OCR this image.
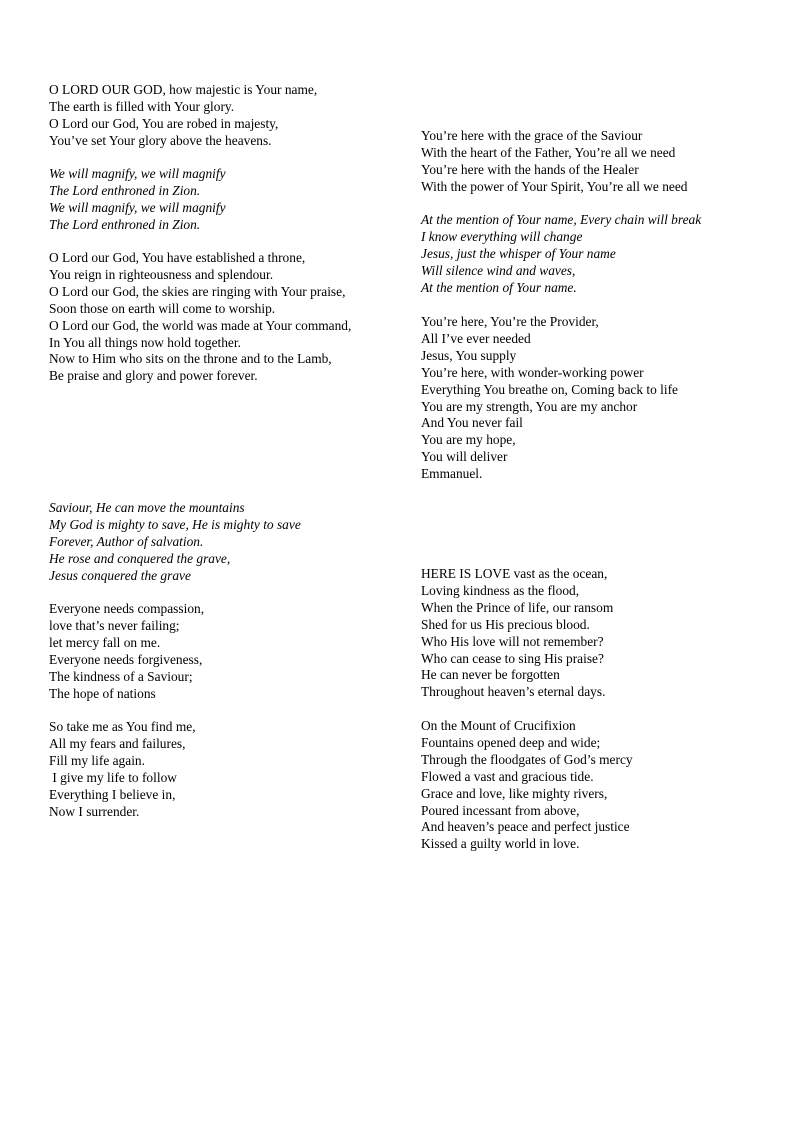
O LORD OUR GOD, how majestic is Your name,
The earth is filled with Your glory.
O Lord our God, You are robed in majesty,
You’ve set Your glory above the heavens.
We will magnify, we will magnify
The Lord enthroned in Zion.
We will magnify, we will magnify
The Lord enthroned in Zion.
O Lord our God, You have established a throne,
You reign in righteousness and splendour.
O Lord our God, the skies are ringing with Your praise,
Soon those on earth will come to worship.
O Lord our God, the world was made at Your command,
In You all things now hold together.
Now to Him who sits on the throne and to the Lamb,
Be praise and glory and power forever.
Saviour, He can move the mountains
My God is mighty to save, He is mighty to save
Forever, Author of salvation.
He rose and conquered the grave,
Jesus conquered the grave
Everyone needs compassion,
love that’s never failing;
let mercy fall on me.
Everyone needs forgiveness,
The kindness of a Saviour;
The hope of nations
So take me as You find me,
All my fears and failures,
Fill my life again.
I give my life to follow
Everything I believe in,
Now I surrender.
You’re here with the grace of the Saviour
With the heart of the Father, You’re all we need
You’re here with the hands of the Healer
With the power of Your Spirit, You’re all we need
At the mention of Your name, Every chain will break
I know everything will change
Jesus, just the whisper of Your name
Will silence wind and waves,
At the mention of Your name.
You’re here, You’re the Provider,
All I’ve ever needed
Jesus, You supply
You’re here, with wonder-working power
Everything You breathe on, Coming back to life
You are my strength, You are my anchor
And You never fail
You are my hope,
You will deliver
Emmanuel.
HERE IS LOVE vast as the ocean,
Loving kindness as the flood,
When the Prince of life, our ransom
Shed for us His precious blood.
Who His love will not remember?
Who can cease to sing His praise?
He can never be forgotten
Throughout heaven’s eternal days.
On the Mount of Crucifixion
Fountains opened deep and wide;
Through the floodgates of God’s mercy
Flowed a vast and gracious tide.
Grace and love, like mighty rivers,
Poured incessant from above,
And heaven’s peace and perfect justice
Kissed a guilty world in love.
